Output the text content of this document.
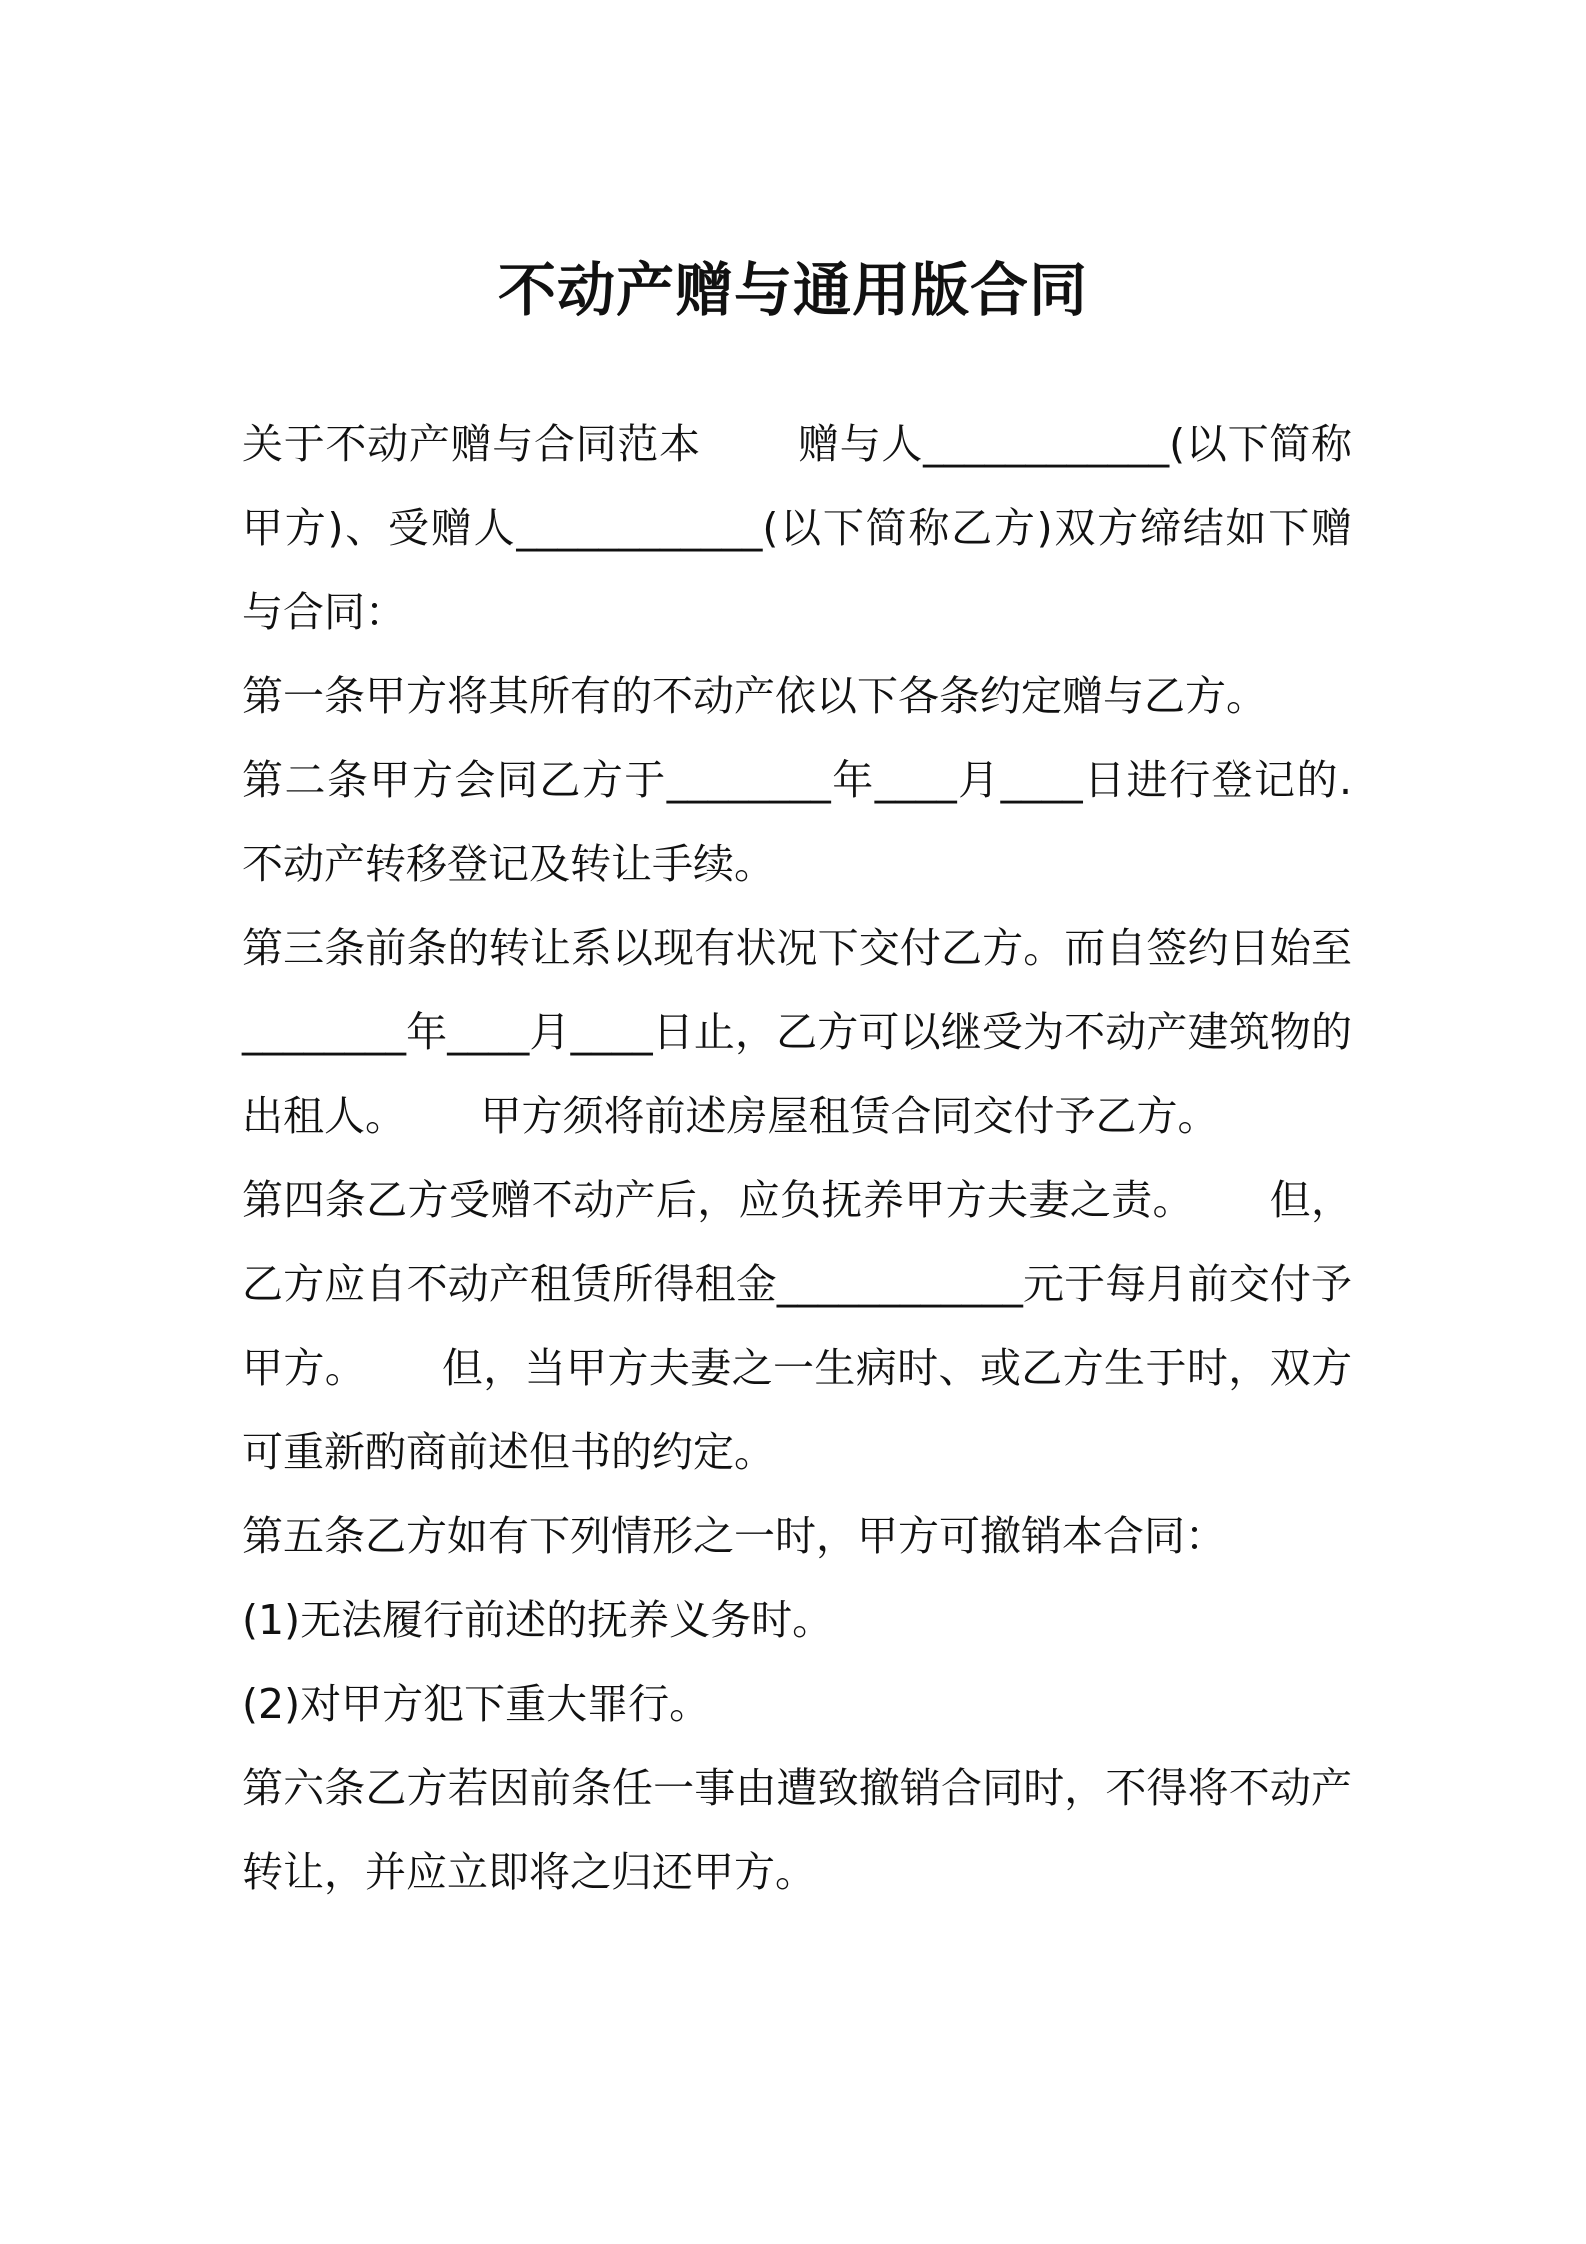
不动产赠与通用版合同

关于不动产赠与合同范本　　 赠与人____________(以下简称甲方)、受赠人____________(以下简称乙方)双方缔结如下赠与合同：

第一条甲方将其所有的不动产依以下各条约定赠与乙方。

第二条甲方会同乙方于________年____月____日进行登记的.不动产转移登记及转让手续。

第三条前条的转让系以现有状况下交付乙方。而自签约日始至________年____月____日止，乙方可以继受为不动产建筑物的出租人。　　 甲方须将前述房屋租赁合同交付予乙方。

第四条乙方受赠不动产后，应负抚养甲方夫妻之责。　　 但，乙方应自不动产租赁所得租金____________元于每月前交付予甲方。　　 但，当甲方夫妻之一生病时、或乙方生于时，双方可重新酌商前述但书的约定。

第五条乙方如有下列情形之一时，甲方可撤销本合同：

(1)无法履行前述的抚养义务时。

(2)对甲方犯下重大罪行。

第六条乙方若因前条任一事由遭致撤销合同时，不得将不动产转让，并应立即将之归还甲方。
